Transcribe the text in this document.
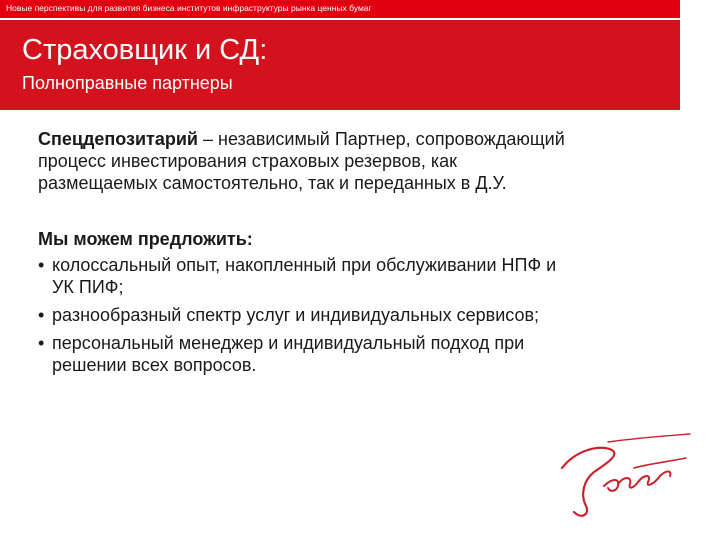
Новые перспективы для развития бизнеса институтов инфраструктуры рынка ценных бумаг
Страховщик и СД:
Полноправные партнеры

Спецдепозитарий – независимый Партнер, сопровождающий

процесс инвестирования страховых резервов, как

размещаемых самостоятельно, так и переданных в Д.У.

Мы можем предложить:

• колоссальный опыт, накопленный при обслуживании НПФ и
УК ПИФ;
• разнообразный спектр услуг и индивидуальных сервисов;
• персональный менеджер и индивидуальный подход при
решении всех вопросов.
